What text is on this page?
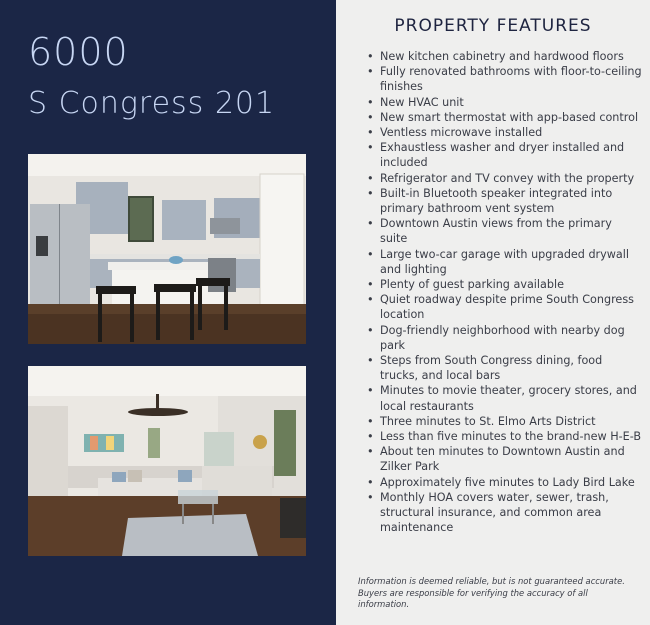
6000
S Congress 201
PROPERTY FEATURES
• New kitchen cabinetry and hardwood floors
• Fully renovated bathrooms with floor-to-ceiling finishes
• New HVAC unit
• New smart thermostat with app-based control
• Ventless microwave installed
• Exhaustless washer and dryer installed and included
• Refrigerator and TV convey with the property
• Built-in Bluetooth speaker integrated into primary bathroom vent system
• Downtown Austin views from the primary suite
• Large two-car garage with upgraded drywall and lighting
• Plenty of guest parking available
• Quiet roadway despite prime South Congress location
• Dog-friendly neighborhood with nearby dog park
• Steps from South Congress dining, food trucks, and local bars
• Minutes to movie theater, grocery stores, and local restaurants
• Three minutes to St. Elmo Arts District
• Less than five minutes to the brand-new H-E-B
• About ten minutes to Downtown Austin and Zilker Park
• Approximately five minutes to Lady Bird Lake
• Monthly HOA covers water, sewer, trash, structural insurance, and common area maintenance
Information is deemed reliable, but is not guaranteed accurate. Buyers are responsible for verifying the accuracy of all information.
